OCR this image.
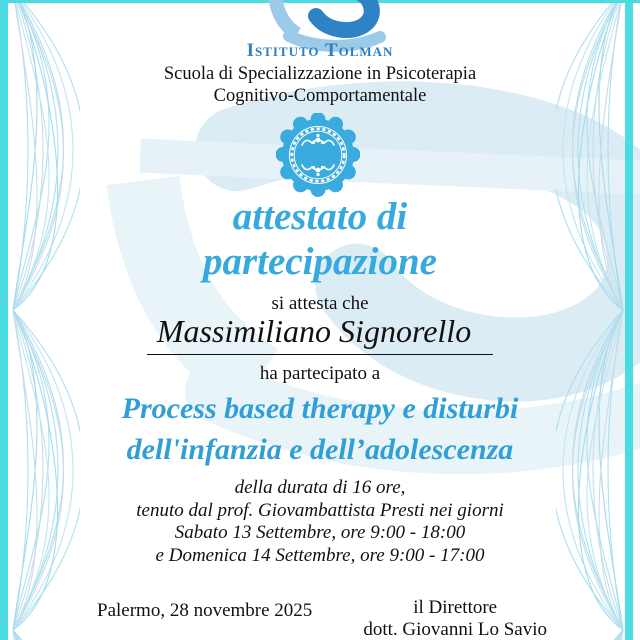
Istituto Tolman
Scuola di Specializzazione in Psicoterapia
Cognitivo-Comportamentale
attestato di
partecipazione
si attesta che
Massimiliano Signorello
ha partecipato a
Process based therapy e disturbi
dell'infanzia e dell’adolescenza
della durata di 16 ore,
tenuto dal prof. Giovambattista Presti nei giorni
Sabato 13 Settembre, ore 9:00 - 18:00
e Domenica 14 Settembre, ore 9:00 - 17:00
Palermo, 28 novembre 2025	il Direttore
dott. Giovanni Lo Savio
